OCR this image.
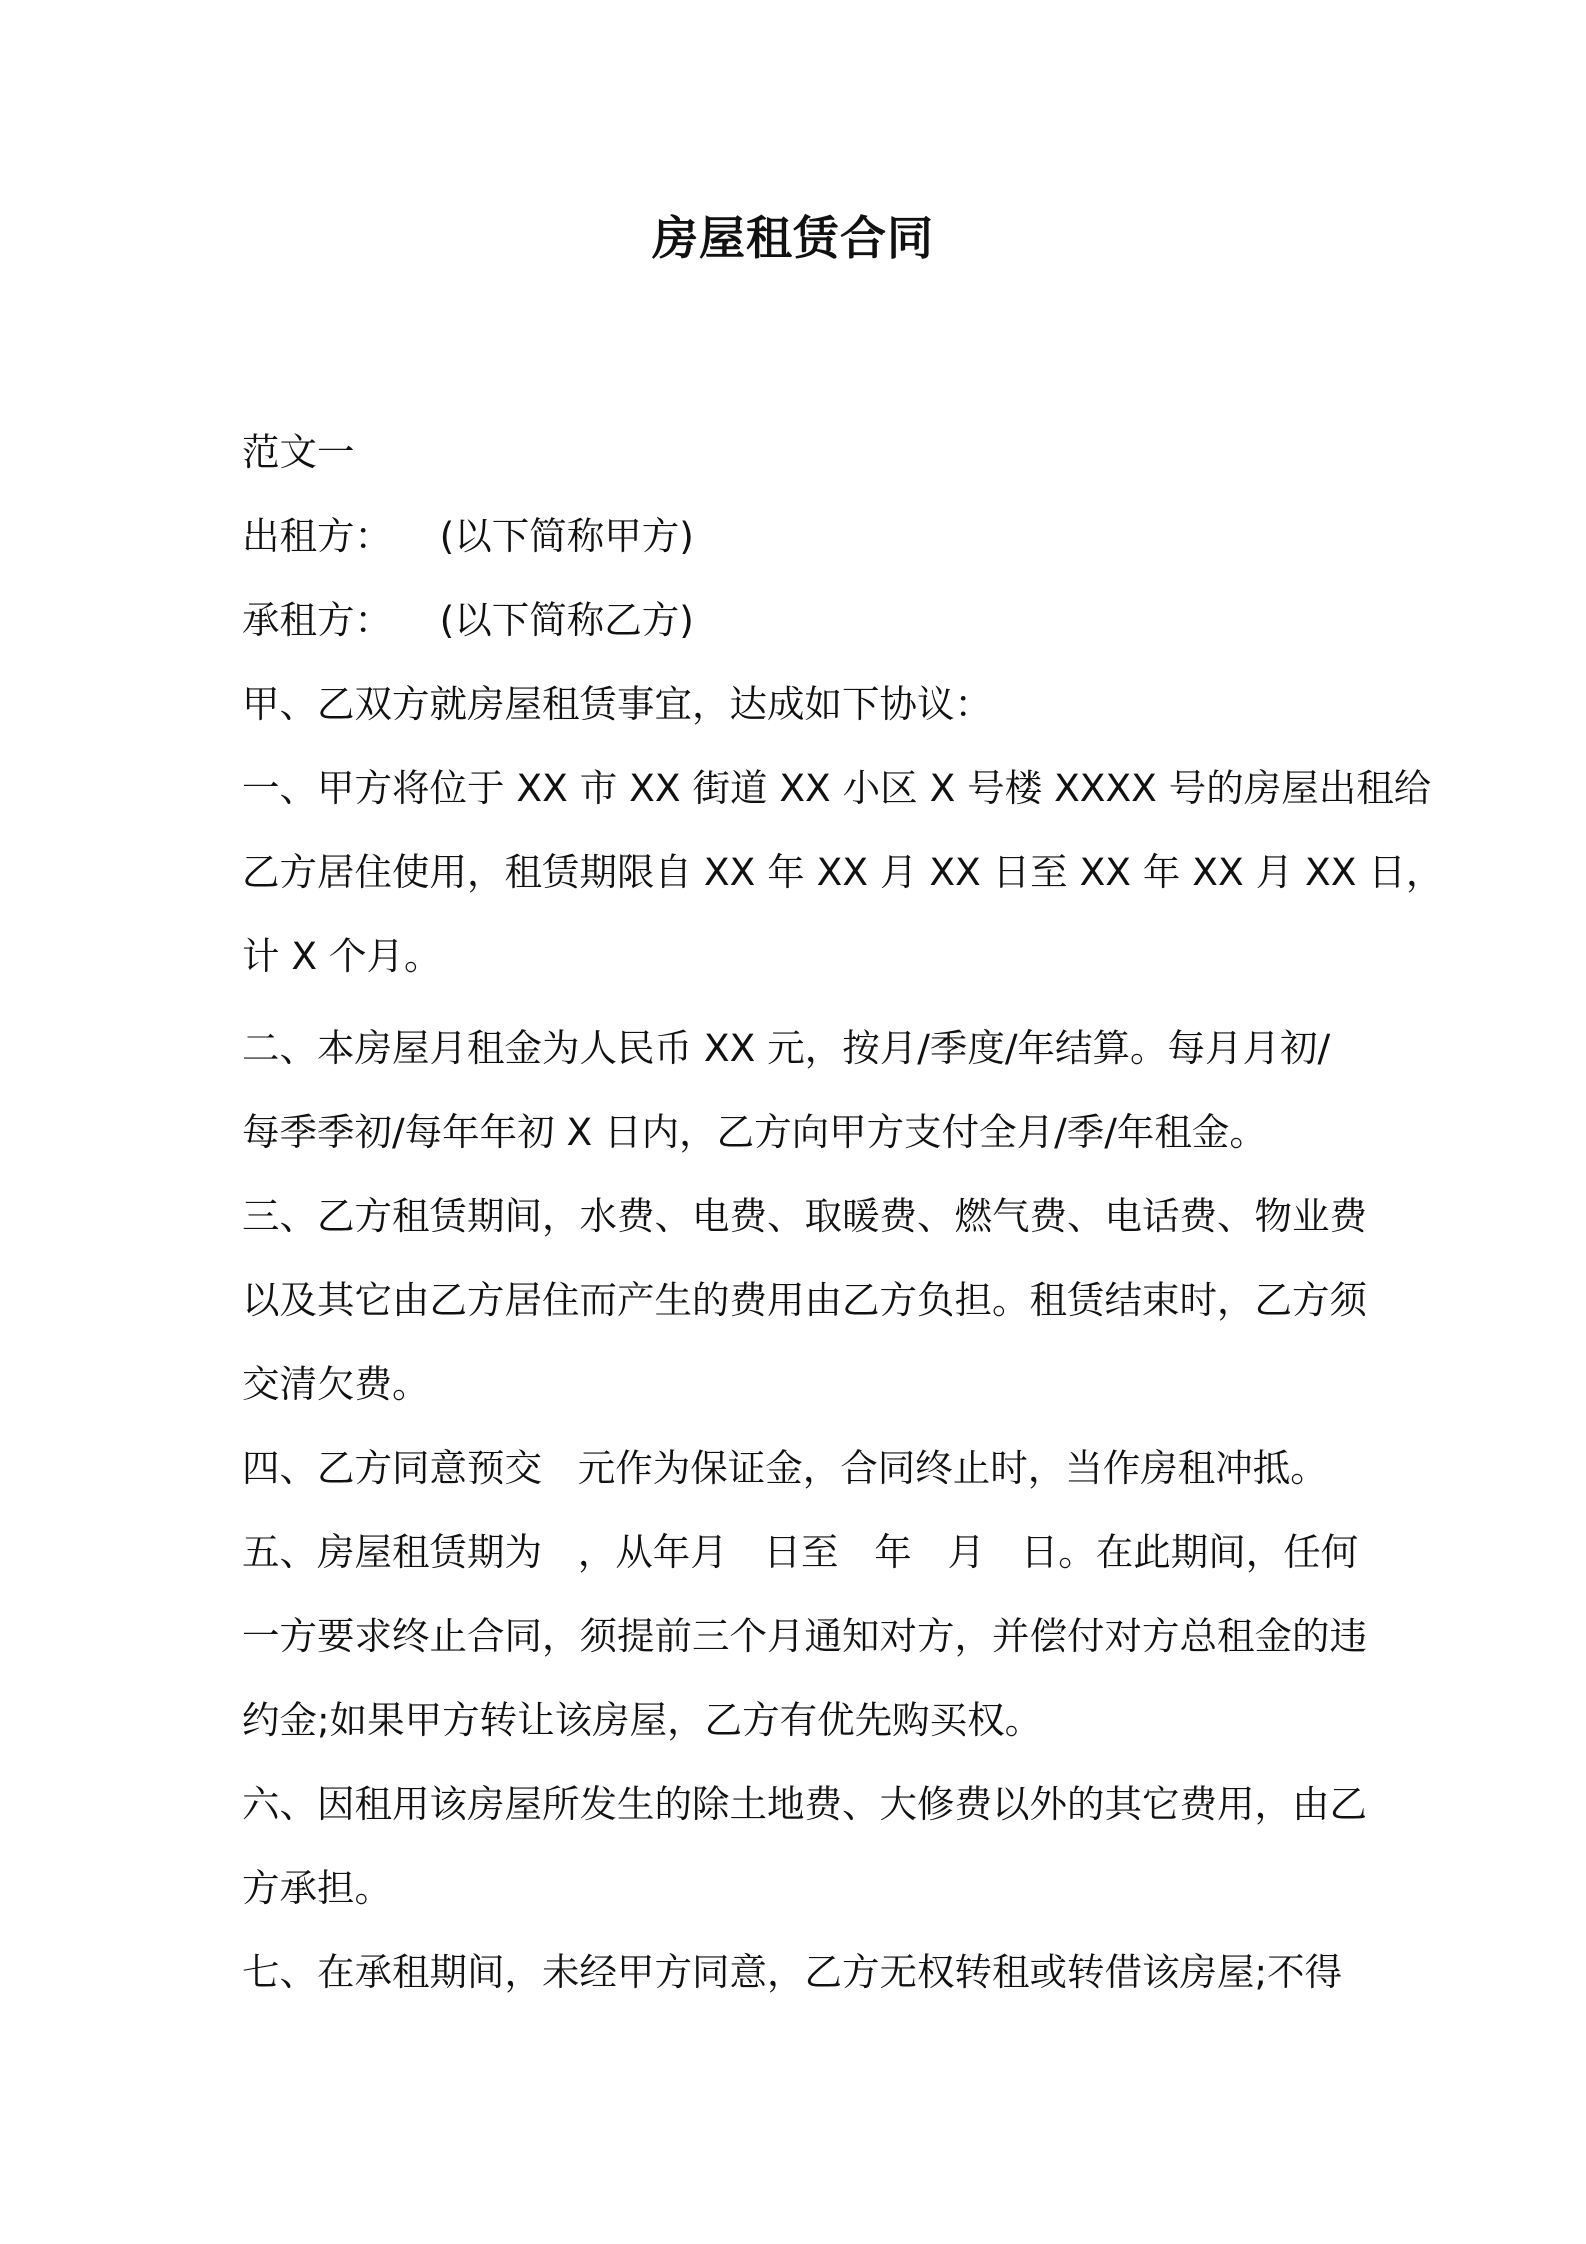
房屋租赁合同

范文一

出租方：    (以下简称甲方)

承租方：    (以下简称乙方)

甲、乙双方就房屋租赁事宜，达成如下协议：

一、甲方将位于 XX 市 XX 街道 XX 小区 X 号楼 XXXX 号的房屋出租给

乙方居住使用，租赁期限自 XX 年 XX 月 XX 日至 XX 年 XX 月 XX 日，

计 X 个月。

二、本房屋月租金为人民币 XX 元，按月/季度/年结算。每月月初/

每季季初/每年年初 X 日内，乙方向甲方支付全月/季/年租金。

三、乙方租赁期间，水费、电费、取暖费、燃气费、电话费、物业费

以及其它由乙方居住而产生的费用由乙方负担。租赁结束时，乙方须

交清欠费。

四、乙方同意预交   元作为保证金，合同终止时，当作房租冲抵。

五、房屋租赁期为   ，从年月   日至   年   月   日。在此期间，任何

一方要求终止合同，须提前三个月通知对方，并偿付对方总租金的违

约金;如果甲方转让该房屋，乙方有优先购买权。

六、因租用该房屋所发生的除土地费、大修费以外的其它费用，由乙

方承担。

七、在承租期间，未经甲方同意，乙方无权转租或转借该房屋;不得
